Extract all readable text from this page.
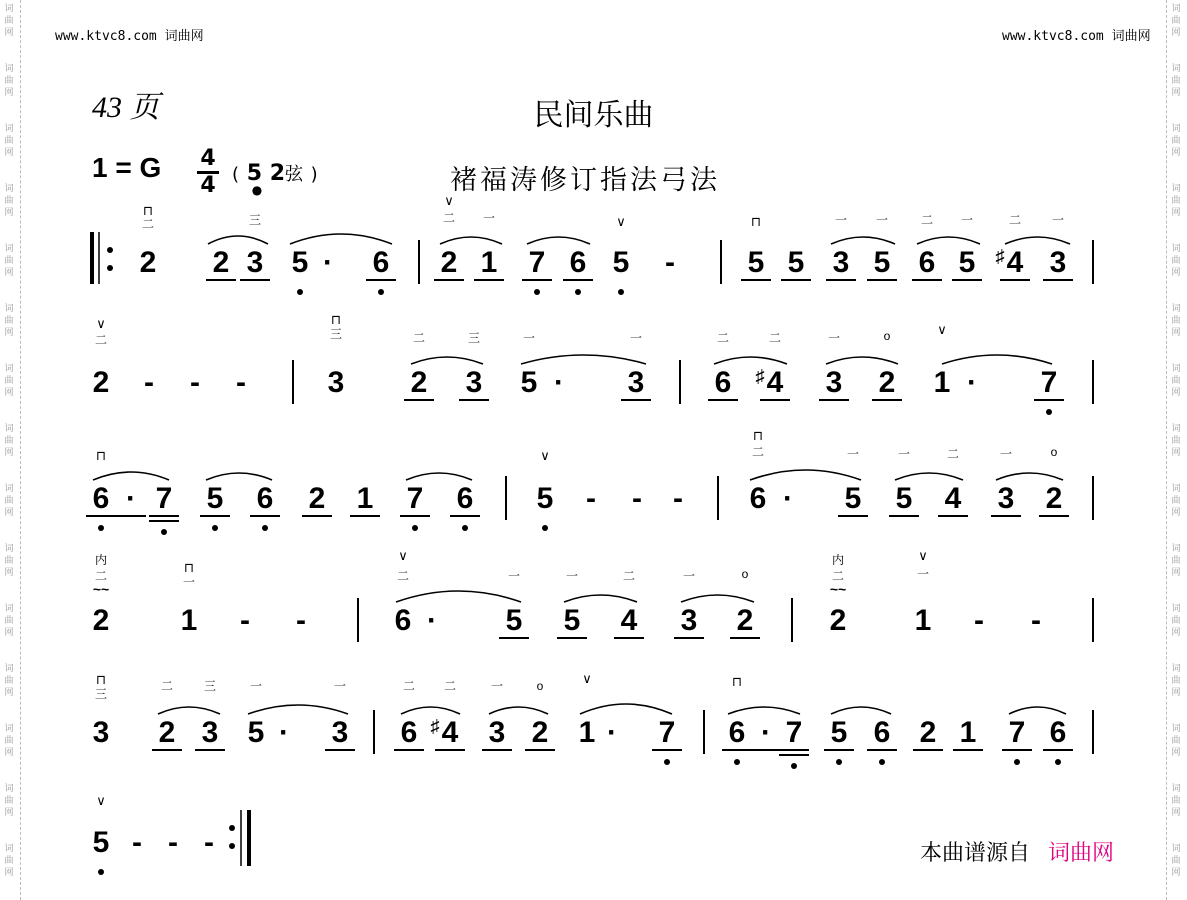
词
曲
网
词
曲
网
词
曲
网
词
曲
网
词
曲
网
词
曲
网
词
曲
网
词
曲
网
词
曲
网
词
曲
网
词
曲
网
词
曲
网
词
曲
网
词
曲
网
词
曲
网
词
曲
网
词
曲
网
词
曲
网
词
曲
网
词
曲
网
词
曲
网
词
曲
网
词
曲
网
词
曲
网
词
曲
网
词
曲
网
词
曲
网
词
曲
网
词
曲
网
词
曲
网
www.ktvc8.com 词曲网	www.ktvc8.com 词曲网
43 页	民间乐曲
1 = G 4
4 ( 5
●
2弦 )	褚福涛修订指法弓法
2 2 3 5 · 6 2 1 7 6 5 - 5 5 3 5 6 5 4 3
♯
2 - - -	3 2 3 5 · 3 6 4 3 2 1 · 7
♯
6 · 7 5 6 2 1 7 6 5 - - - 6 · 5 5 4 3 2
2 1 - -	6 · 5 5 4 3 2	2 1 - -
3 2 3 5 · 3 6 4 3 2 1 · 7 6 · 7 5 6 2 1 7 6
♯
5 - - -
⊓
∨
∨	⊓
∨	⊓
∨
⊓	∨
⊓
⊓
∨	∨
⊓	∨	⊓
∨
二	三	二 一
二	三	二	三	一	一	二	二	一	o
二	一	一	二	一	o
内
二	一	二	一	一	二	一	o
内
二	一
三
二	三	一	一	二 二	一	o
一 一	二 一	二	一
~~	~~
本曲谱源自 词曲网
